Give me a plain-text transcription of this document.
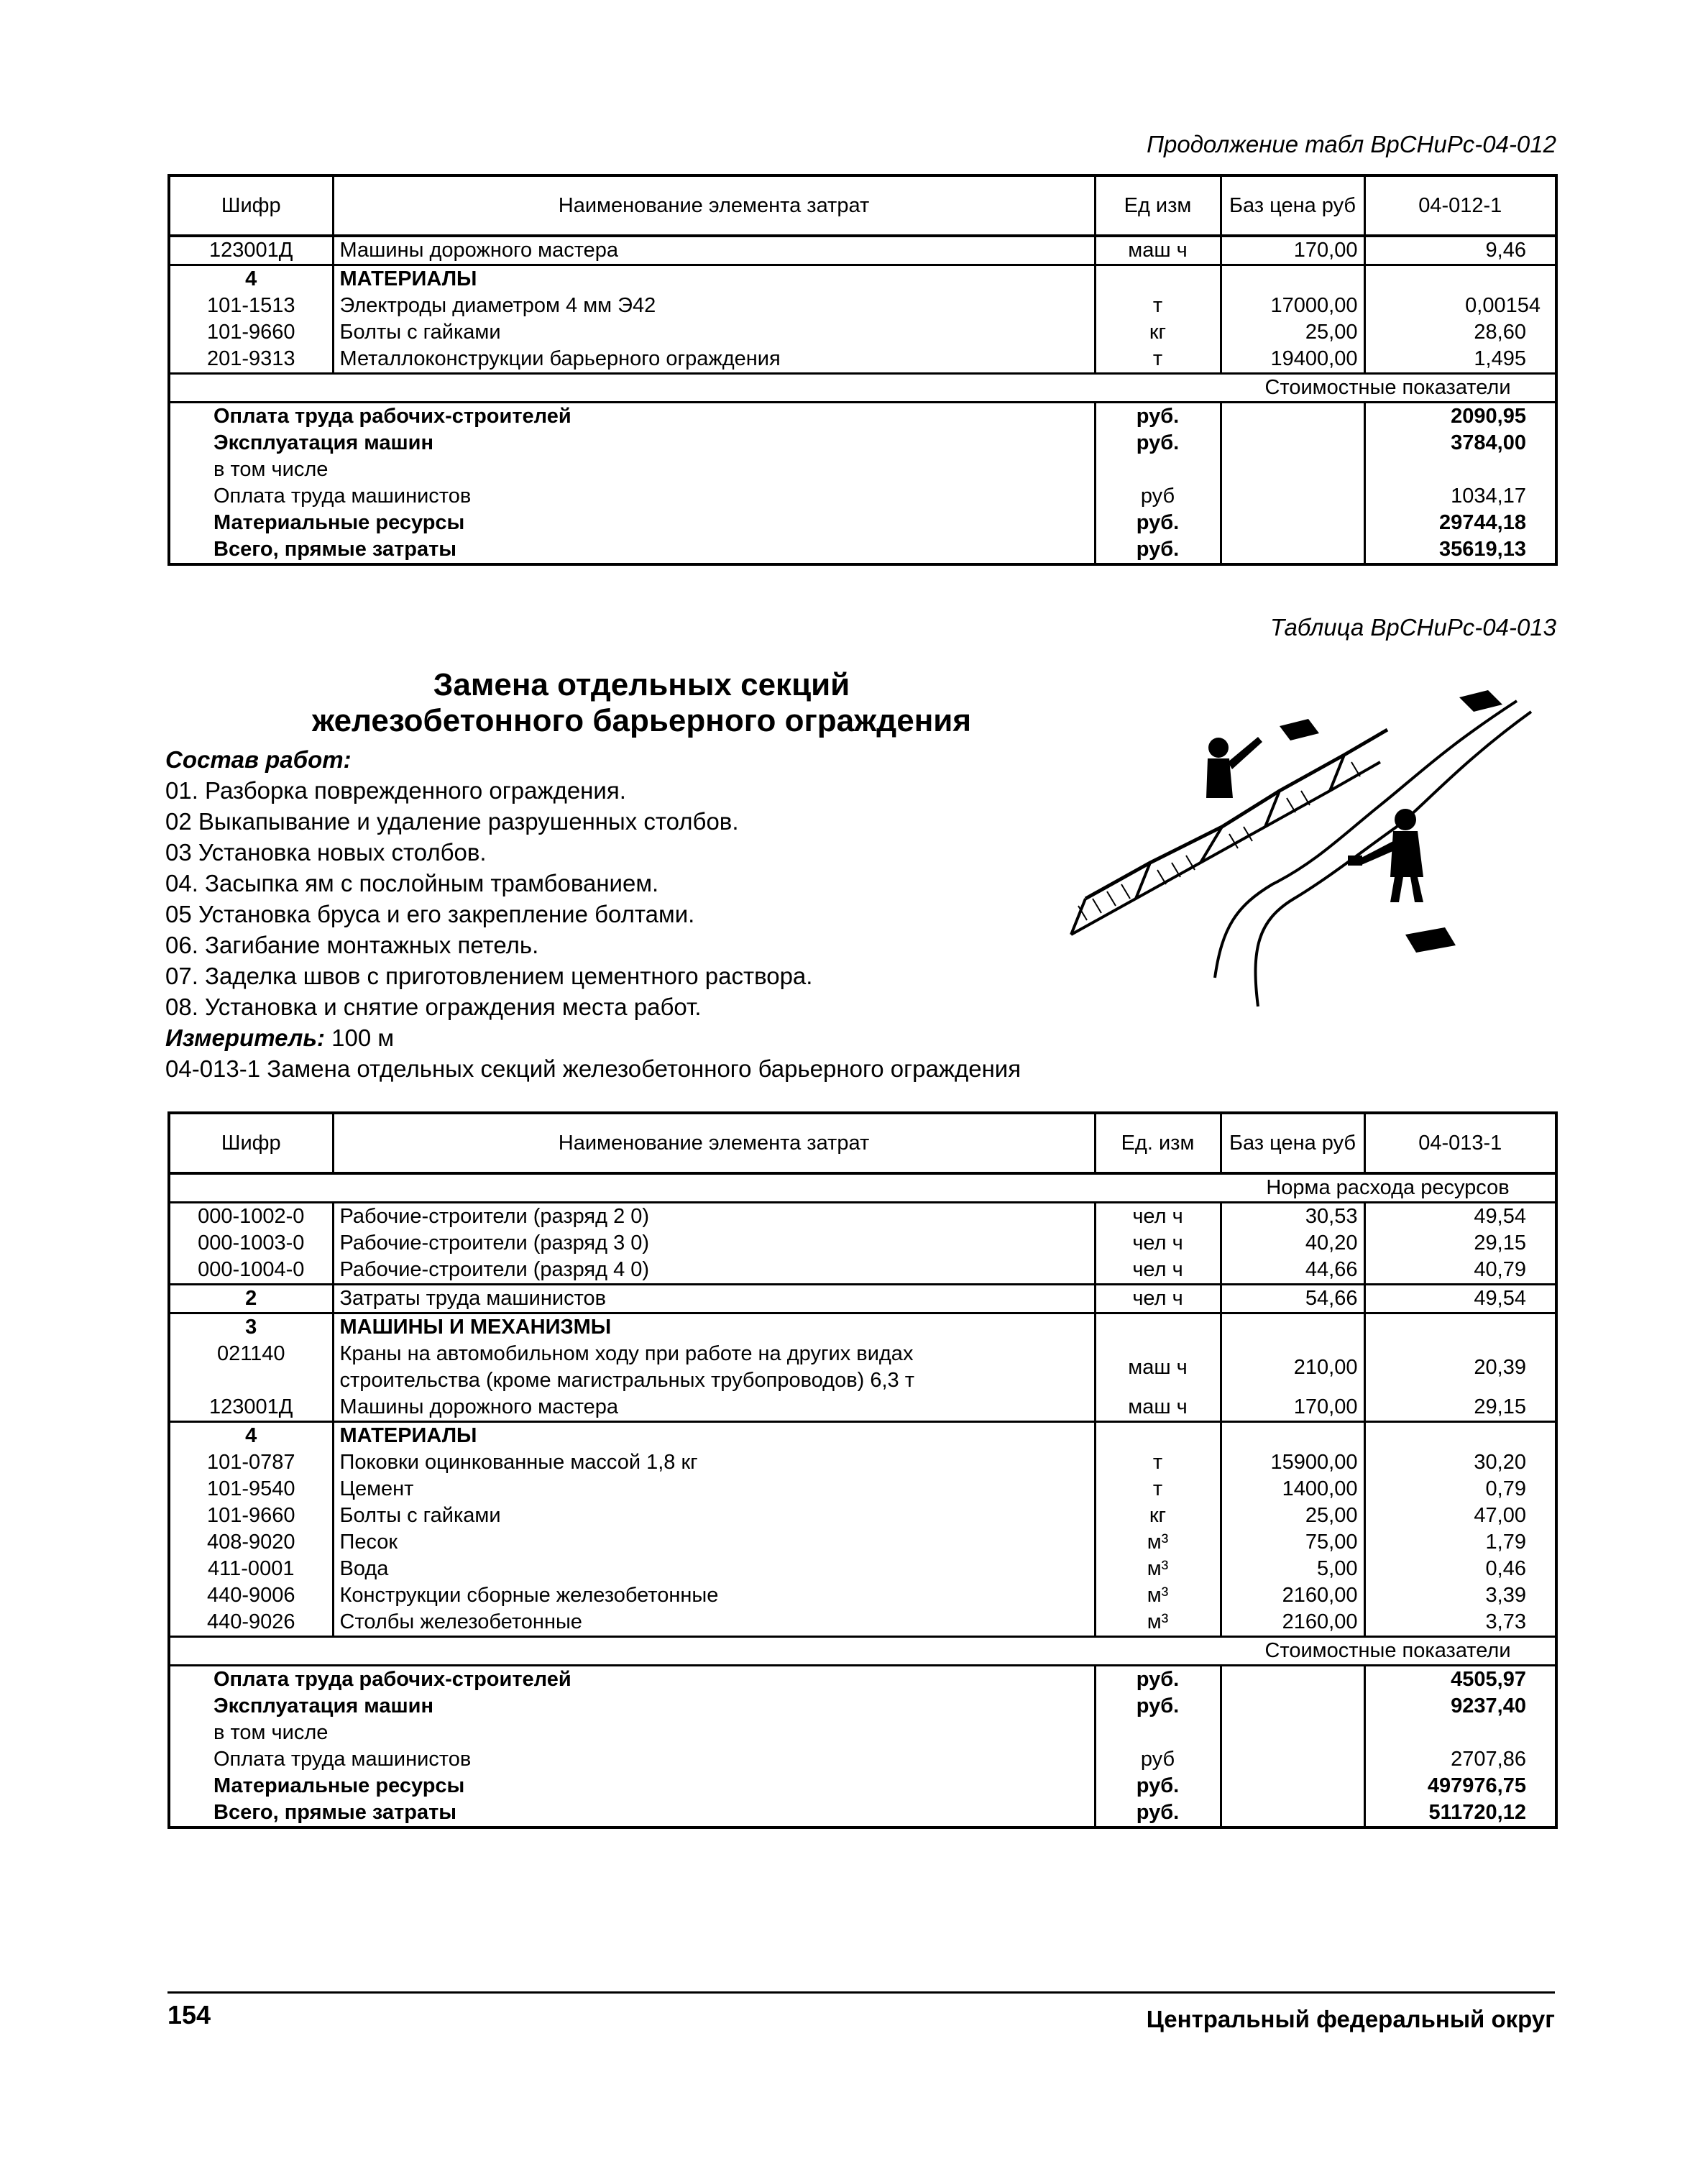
Продолжение табл ВрСНиРс-04-012
Шифр	Наименование элемента затрат	Ед изм	Баз цена руб	04-012-1
123001Д	Машины дорожного мастера	маш ч	170,00	9,46
4	МАТЕРИАЛЫ			
101-1513	Электроды диаметром 4 мм Э42	т	17000,00	0,00154
101-9660	Болты с гайками	кг	25,00	28,60
201-9313	Металлоконструкции барьерного ограждения	т	19400,00	1,495
			Стоимостные показатели	
Оплата труда рабочих-строителей		руб.		2090,95
Эксплуатация машин		руб.		3784,00
в том числе				
Оплата труда машинистов		руб		1034,17
Материальные ресурсы		руб.		29744,18
Всего, прямые затраты		руб.		35619,13
Таблица ВрСНиРс-04-013
Замена отдельных секций
железобетонного барьерного ограждения
Состав работ:
01. Разборка поврежденного ограждения.
02 Выкапывание и удаление разрушенных столбов.
03 Установка новых столбов.
04. Засыпка ям с послойным трамбованием.
05 Установка бруса и его закрепление болтами.
06. Загибание монтажных петель.
07. Заделка швов с приготовлением цементного раствора.
08. Установка и снятие ограждения места работ.
Измеритель: 100 м
04-013-1 Замена отдельных секций железобетонного барьерного ограждения
Шифр	Наименование элемента затрат	Ед. изм	Баз цена руб	04-013-1
			Норма расхода ресурсов	
000-1002-0	Рабочие-строители (разряд 2 0)	чел ч	30,53	49,54
000-1003-0	Рабочие-строители (разряд 3 0)	чел ч	40,20	29,15
000-1004-0	Рабочие-строители (разряд 4 0)	чел ч	44,66	40,79
2	Затраты труда машинистов	чел ч	54,66	49,54
3	МАШИНЫ И МЕХАНИЗМЫ			
021140	Краны на автомобильном ходу при работе на других видах
строительства (кроме магистральных трубопроводов) 6,3 т	маш ч	210,00	20,39
123001Д	Машины дорожного мастера	маш ч	170,00	29,15
4	МАТЕРИАЛЫ			
101-0787	Поковки оцинкованные массой 1,8 кг	т	15900,00	30,20
101-9540	Цемент	т	1400,00	0,79
101-9660	Болты с гайками	кг	25,00	47,00
408-9020	Песок	м³	75,00	1,79
411-0001	Вода	м³	5,00	0,46
440-9006	Конструкции сборные железобетонные	м³	2160,00	3,39
440-9026	Столбы железобетонные	м³	2160,00	3,73
			Стоимостные показатели	
Оплата труда рабочих-строителей		руб.		4505,97
Эксплуатация машин		руб.		9237,40
в том числе				
Оплата труда машинистов		руб		2707,86
Материальные ресурсы		руб.		497976,75
Всего, прямые затраты		руб.		511720,12
154	Центральный федеральный округ
